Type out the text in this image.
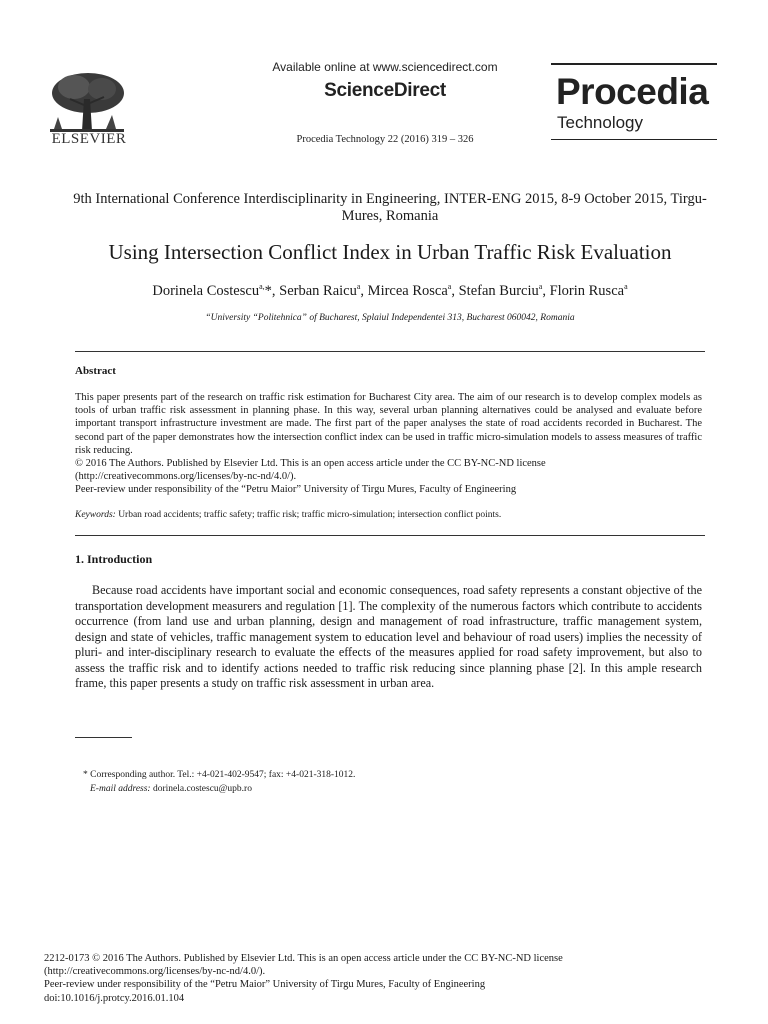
ELSEVIER
Available online at www.sciencedirect.com
ScienceDirect
Procedia Technology 22 (2016) 319 – 326
Procedia
Technology
9th International Conference Interdisciplinarity in Engineering, INTER-ENG 2015, 8-9 October 2015, Tirgu-Mures, Romania
Using Intersection Conflict Index in Urban Traffic Risk Evaluation
Dorinela Costescu$^{a,}$*, Serban Raicu$^a$, Mircea Rosca$^a$, Stefan Burciu$^a$, Florin Rusca$^a$
“University “Politehnica” of Bucharest, Splaiul Independentei 313, Bucharest 060042, Romania
Abstract

This paper presents part of the research on traffic risk estimation for Bucharest City area. The aim of our research is to develop complex models as tools of urban traffic risk assessment in planning phase. In this way, several urban planning alternatives could be analysed and evaluate before important transport infrastructure investment are made. The first part of the paper analyses the state of road accidents recorded in Bucharest. The second part of the paper demonstrates how the intersection conflict index can be used in traffic micro-simulation models to assess measures of traffic risk reducing.

© 2016 The Authors. Published by Elsevier Ltd. This is an open access article under the CC BY-NC-ND license

(http://creativecommons.org/licenses/by-nc-nd/4.0/).

Peer-review under responsibility of the “Petru Maior” University of Tirgu Mures, Faculty of Engineering

Keywords: Urban road accidents; traffic safety; traffic risk; traffic micro-simulation; intersection conflict points.
1. Introduction

Because road accidents have important social and economic consequences, road safety represents a constant objective of the transportation development measurers and regulation [1]. The complexity of the numerous factors which contribute to accidents occurrence (from land use and urban planning, design and management of road infrastructure, traffic management system, design and state of vehicles, traffic management system to education level and behaviour of road users) implies the necessity of pluri- and inter-disciplinary research to evaluate the effects of the measures applied for road safety improvement, but also to assess the traffic risk and to identify actions needed to traffic risk reducing since planning phase [2]. In this ample research frame, this paper presents a study on traffic risk assessment in urban area.

* Corresponding author. Tel.: +4-021-402-9547; fax: +4-021-318-1012.
E-mail address: dorinela.costescu@upb.ro
2212-0173 © 2016 The Authors. Published by Elsevier Ltd. This is an open access article under the CC BY-NC-ND license
(http://creativecommons.org/licenses/by-nc-nd/4.0/).
Peer-review under responsibility of the “Petru Maior” University of Tirgu Mures, Faculty of Engineering
doi:10.1016/j.protcy.2016.01.104
